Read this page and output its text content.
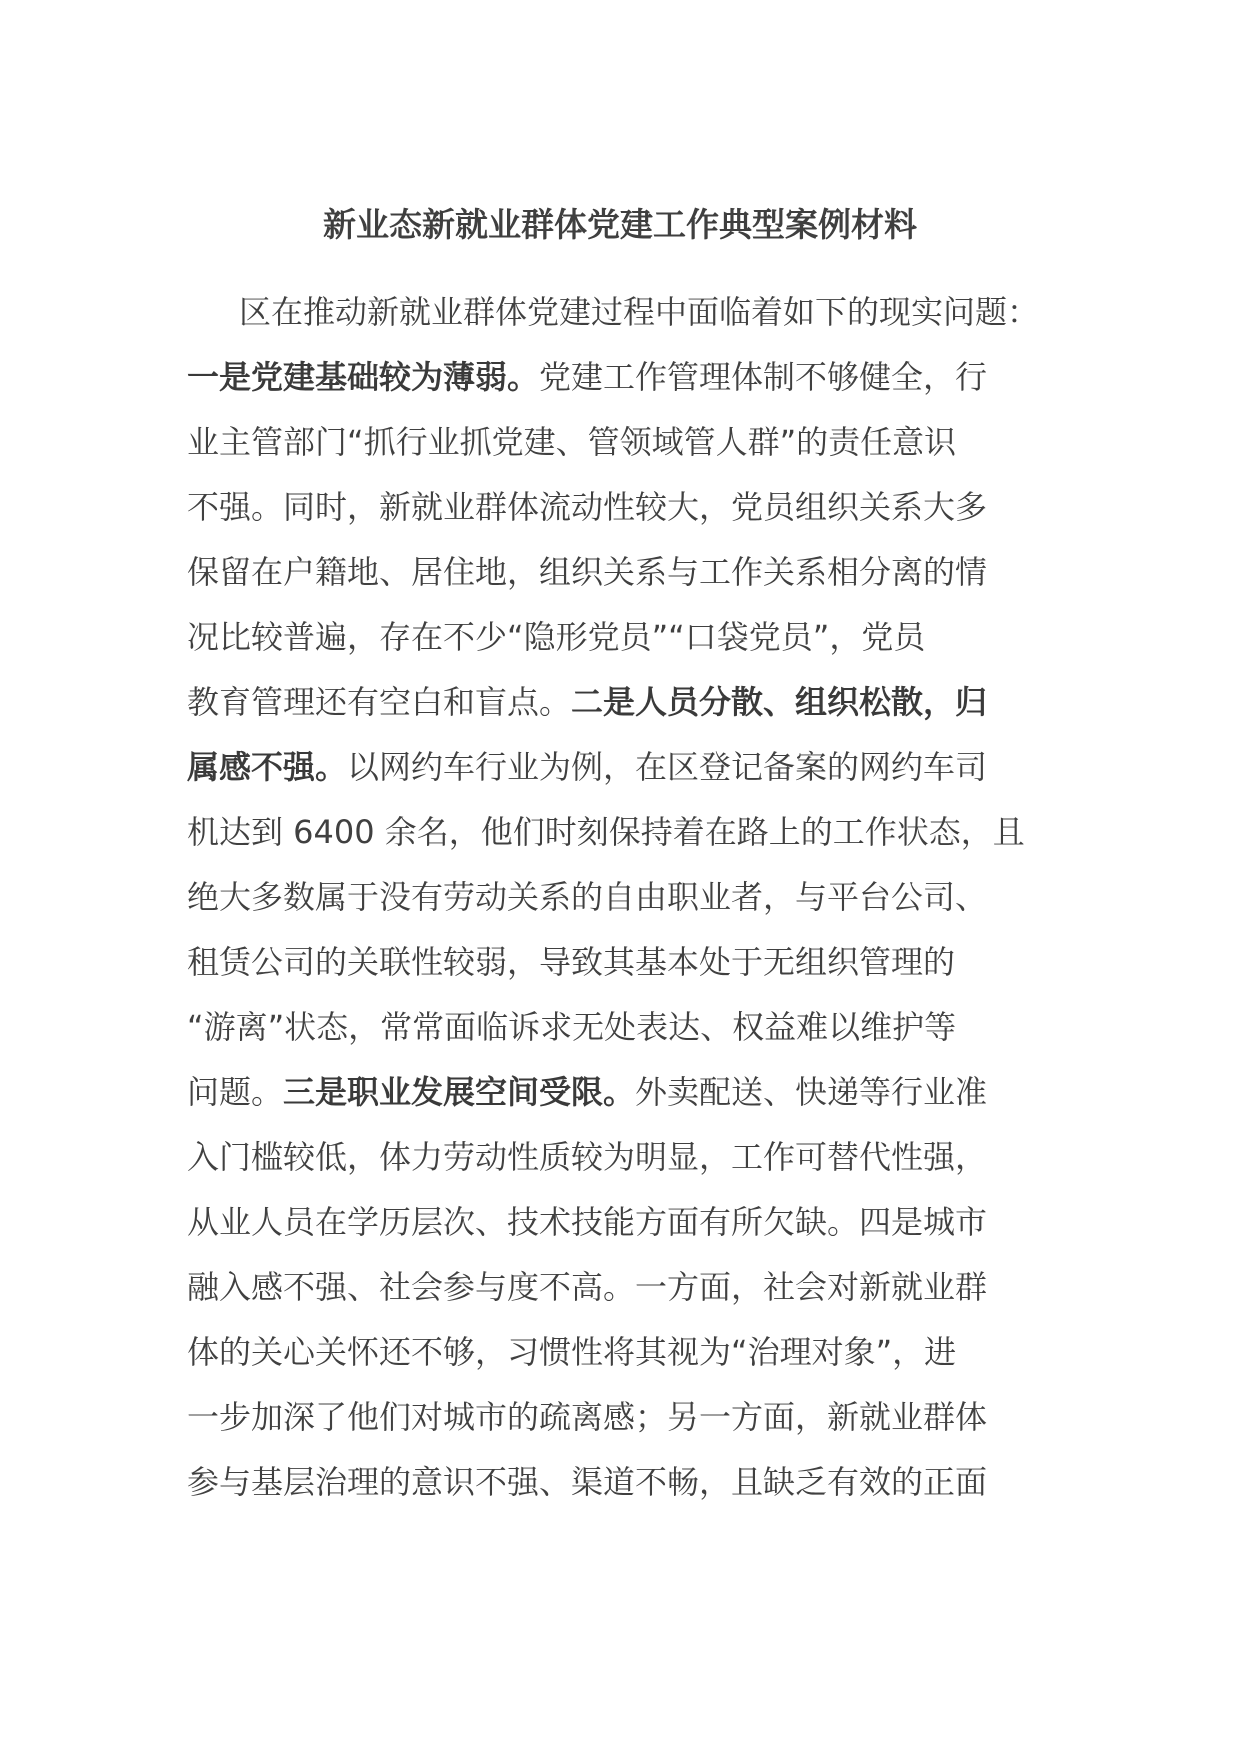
新业态新就业群体党建工作典型案例材料
区在推动新就业群体党建过程中面临着如下的现实问题：
一是党建基础较为薄弱。党建工作管理体制不够健全，行
业主管部门“抓行业抓党建、管领域管人群”的责任意识
不强。同时，新就业群体流动性较大，党员组织关系大多
保留在户籍地、居住地，组织关系与工作关系相分离的情
况比较普遍，存在不少“隐形党员”“口袋党员”，党员
教育管理还有空白和盲点。二是人员分散、组织松散，归
属感不强。以网约车行业为例，在区登记备案的网约车司
机达到 6400 余名，他们时刻保持着在路上的工作状态，且
绝大多数属于没有劳动关系的自由职业者，与平台公司、
租赁公司的关联性较弱，导致其基本处于无组织管理的
“游离”状态，常常面临诉求无处表达、权益难以维护等
问题。三是职业发展空间受限。外卖配送、快递等行业准
入门槛较低，体力劳动性质较为明显，工作可替代性强，
从业人员在学历层次、技术技能方面有所欠缺。四是城市
融入感不强、社会参与度不高。一方面，社会对新就业群
体的关心关怀还不够，习惯性将其视为“治理对象”，进
一步加深了他们对城市的疏离感；另一方面，新就业群体
参与基层治理的意识不强、渠道不畅，且缺乏有效的正面
